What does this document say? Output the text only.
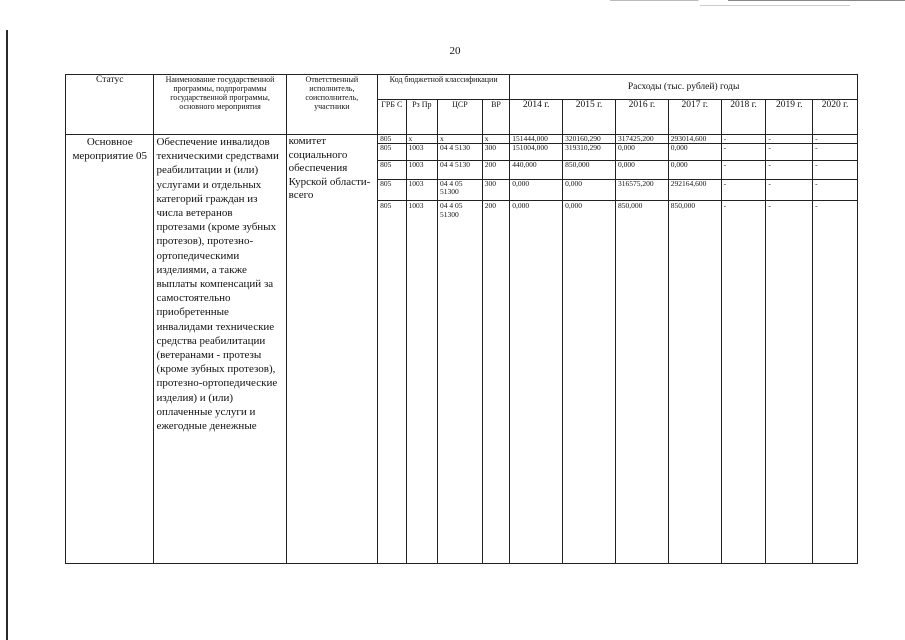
20
Статус	Наименование государственной программы, подпрограммы государственной программы, основного мероприятия	Ответственный исполнитель, соисполнитель, участники	Код бюджетной классификации				Расходы (тыс. рублей) годы						
			ГРБ С	Рз Пр	ЦСР	ВР	2014 г.	2015 г.	2016 г.	2017 г.	2018 г.	2019 г.	2020 г.
Основное мероприятие 05	Обеспечение инвалидов техническими средствами реабилитации и (или) услугами и отдельных категорий граждан из числа ветеранов протезами (кроме зубных протезов), протезно-ортопедическими изделиями, а также выплаты компенсаций за самостоятельно приобретенные инвалидами технические средства реабилитации (ветеранами - протезы (кроме зубных протезов), протезно-ортопедические изделия) и (или) оплаченные услуги и ежегодные денежные	комитет социального обеспечения Курской области- всего	805	х	х	х	151444,000	320160,290	317425,200	293014,600	-	-	-
			805	1003	04 4 5130	300	151004,000	319310,290	0,000	0,000	-	-	-
			805	1003	04 4 5130	200	440,000	850,000	0,000	0,000	-	-	-
			805	1003	04 4 05 51300	300	0,000	0,000	316575,200	292164,600	-	-	-
			805	1003	04 4 05 51300	200	0,000	0,000	850,000	850,000	-	-	-
